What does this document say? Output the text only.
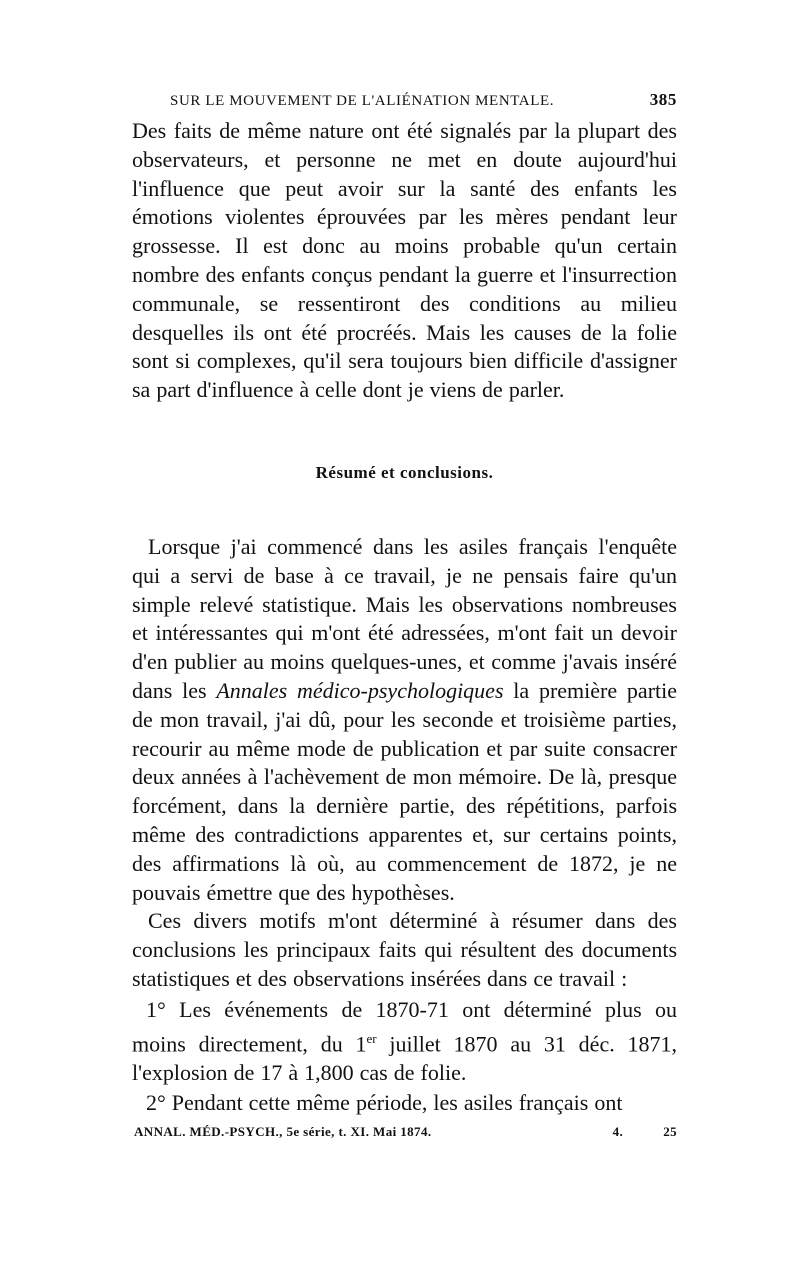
SUR LE MOUVEMENT DE L'ALIÉNATION MENTALE.	385

Des faits de même nature ont été signalés par la plupart des observateurs, et personne ne met en doute aujourd'hui l'influence que peut avoir sur la santé des enfants les émotions violentes éprouvées par les mères pendant leur grossesse. Il est donc au moins probable qu'un certain nombre des enfants conçus pendant la guerre et l'insurrection communale, se ressentiront des conditions au milieu desquelles ils ont été procréés. Mais les causes de la folie sont si complexes, qu'il sera toujours bien difficile d'assigner sa part d'influence à celle dont je viens de parler.

Résumé et conclusions.

Lorsque j'ai commencé dans les asiles français l'enquête qui a servi de base à ce travail, je ne pensais faire qu'un simple relevé statistique. Mais les observations nombreuses et intéressantes qui m'ont été adressées, m'ont fait un devoir d'en publier au moins quelques-unes, et comme j'avais inséré dans les Annales médico-psychologiques la première partie de mon travail, j'ai dû, pour les seconde et troisième parties, recourir au même mode de publication et par suite consacrer deux années à l'achèvement de mon mémoire. De là, presque forcément, dans la dernière partie, des répétitions, parfois même des contradictions apparentes et, sur certains points, des affirmations là où, au commencement de 1872, je ne pouvais émettre que des hypothèses.

Ces divers motifs m'ont déterminé à résumer dans des conclusions les principaux faits qui résultent des documents statistiques et des observations insérées dans ce travail :

1° Les événements de 1870-71 ont déterminé plus ou moins directement, du 1er juillet 1870 au 31 déc. 1871, l'explosion de 17 à 1,800 cas de folie.

2° Pendant cette même période, les asiles français ont

ANNAL. MÉD.-PSYCH., 5e série, t. XI. Mai 1874.	4.	25
